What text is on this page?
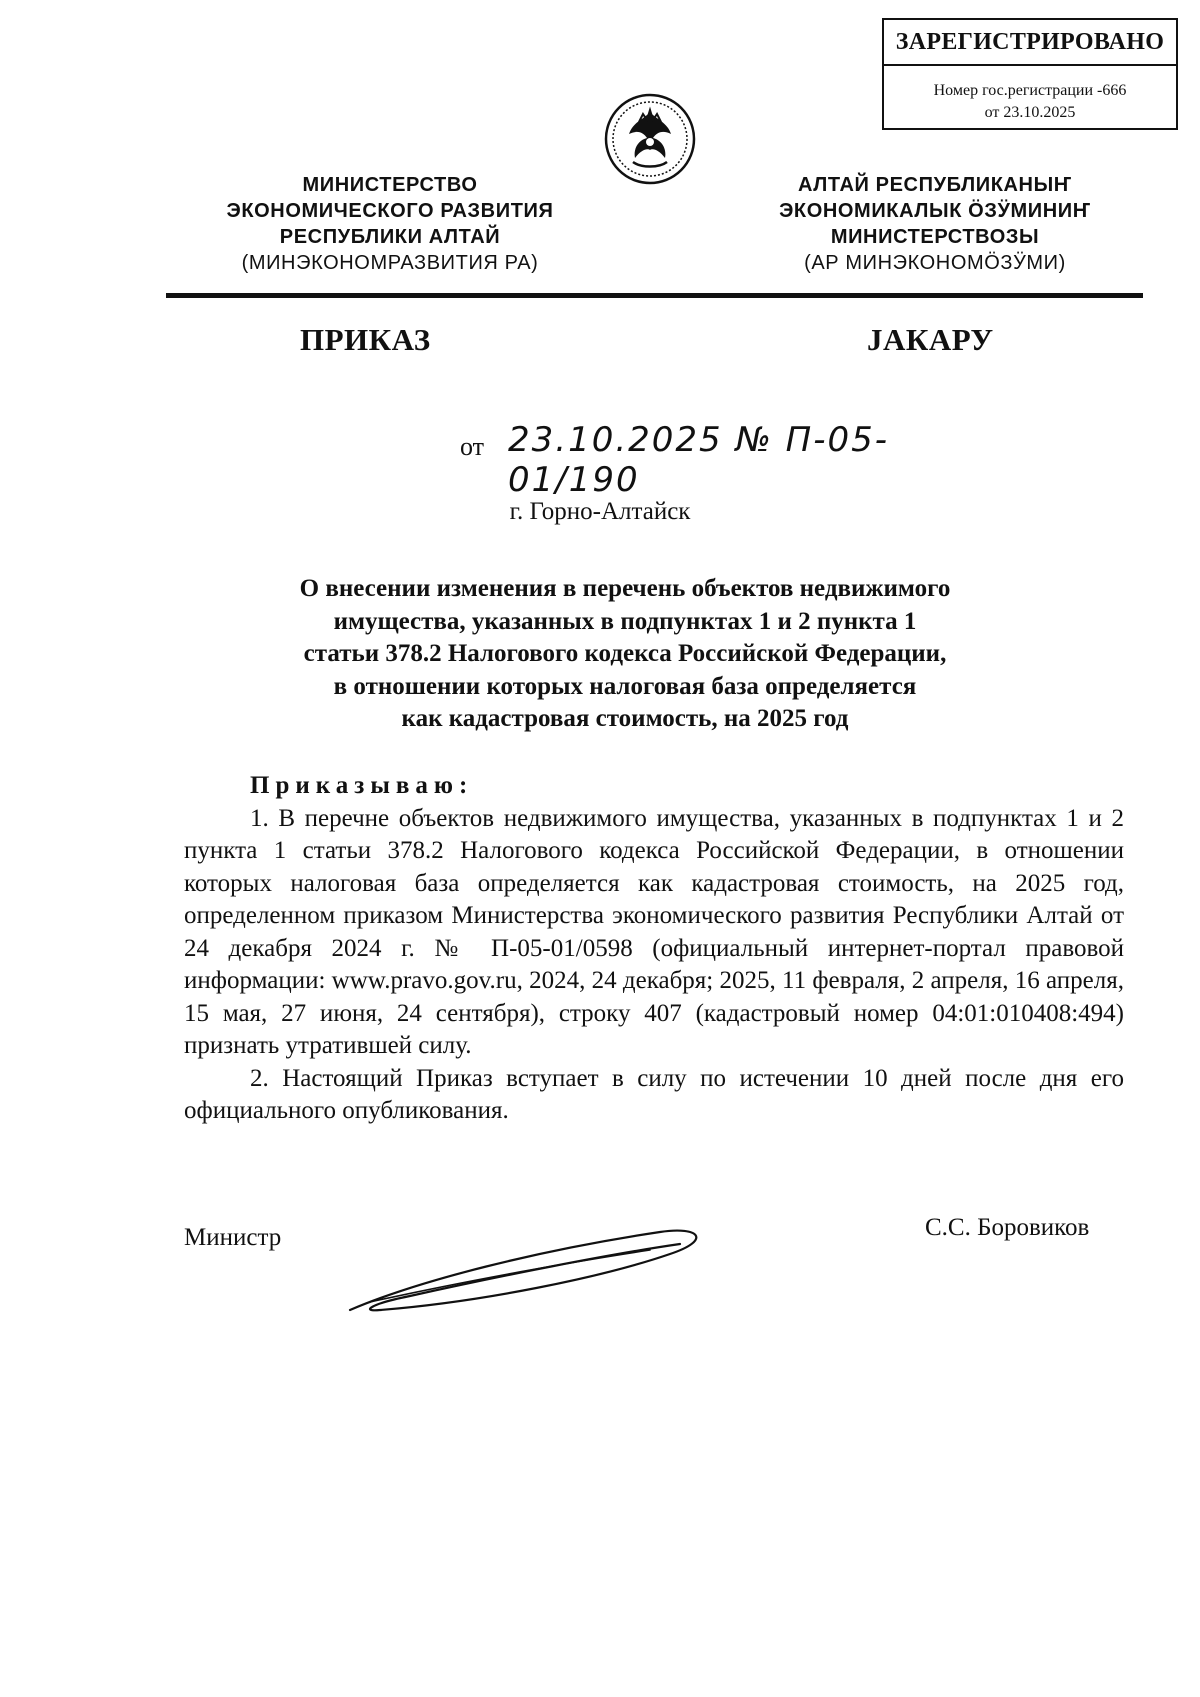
ЗАРЕГИСТРИРОВАНО
Номер гос.регистрации -666
от 23.10.2025
МИНИСТЕРСТВО
ЭКОНОМИЧЕСКОГО РАЗВИТИЯ
РЕСПУБЛИКИ АЛТАЙ
(МИНЭКОНОМРАЗВИТИЯ РА)
АЛТАЙ РЕСПУБЛИКАНЫҤ
ЭКОНОМИКАЛЫК ӦЗӰМИНИҤ
МИНИСТЕРСТВОЗЫ
(АР МИНЭКОНОМӦЗӰМИ)
ПРИКАЗ	ЈАКАРУ
от 23.10.2025 № П-05-01/190
г. Горно-Алтайск
О внесении изменения в перечень объектов недвижимого
имущества, указанных в подпунктах 1 и 2 пункта 1
статьи 378.2 Налогового кодекса Российской Федерации,
в отношении которых налоговая база определяется
как кадастровая стоимость, на 2025 год
Приказываю:

1. В перечне объектов недвижимого имущества, указанных в подпунктах 1 и 2 пункта 1 статьи 378.2 Налогового кодекса Российской Федерации, в отношении которых налоговая база определяется как кадастровая стоимость, на 2025 год, определенном приказом Министерства экономического развития Республики Алтай от 24 декабря 2024 г. № П-05-01/0598 (официальный интернет-портал правовой информации: www.pravo.gov.ru, 2024, 24 декабря; 2025, 11 февраля, 2 апреля, 16 апреля, 15 мая, 27 июня, 24 сентября), строку 407 (кадастровый номер 04:01:010408:494) признать утратившей силу.

2. Настоящий Приказ вступает в силу по истечении 10 дней после дня его официального опубликования.

Министр	С.С. Боровиков
